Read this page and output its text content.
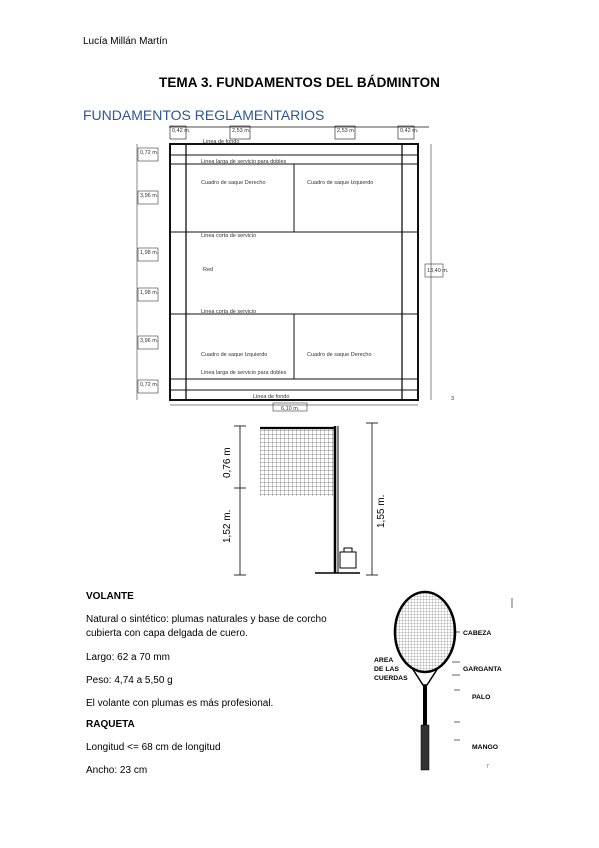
Lucía Millán Martín
TEMA 3. FUNDAMENTOS DEL BÁDMINTON
FUNDAMENTOS REGLAMENTARIOS
0,42 m.	2,53 m.	2,53 m.	0,42 m.
0,72 m.
3,96 m.
1,98 m.
1,98 m.
3,96 m.
0,72 m.
13,40 m.
6,10 m.
Linea de fondo
Linea larga de servicio para dobles
Cuadro de saque Derecho	Cuadro de saque Izquierdo
Linea corta de servicio
Red
Linea corta de servicio
Cuadro de saque Izquierdo	Cuadro de saque Derecho
Linea larga de servicio para dobles
Linea de fondo	3
0,76 m
1,52 m.	1,55 m.
VOLANTE
Natural o sintético: plumas naturales y base de corcho
cubierta con capa delgada de cuero.
Largo: 62 a 70 mm
Peso: 4,74 a 5,50 g
El volante con plumas es más profesional.
RAQUETA
Longitud <= 68 cm de longitud
Ancho: 23 cm
CABEZA
AREA
DE LAS
CUERDAS
GARGANTA
PALO
MANGO
7
